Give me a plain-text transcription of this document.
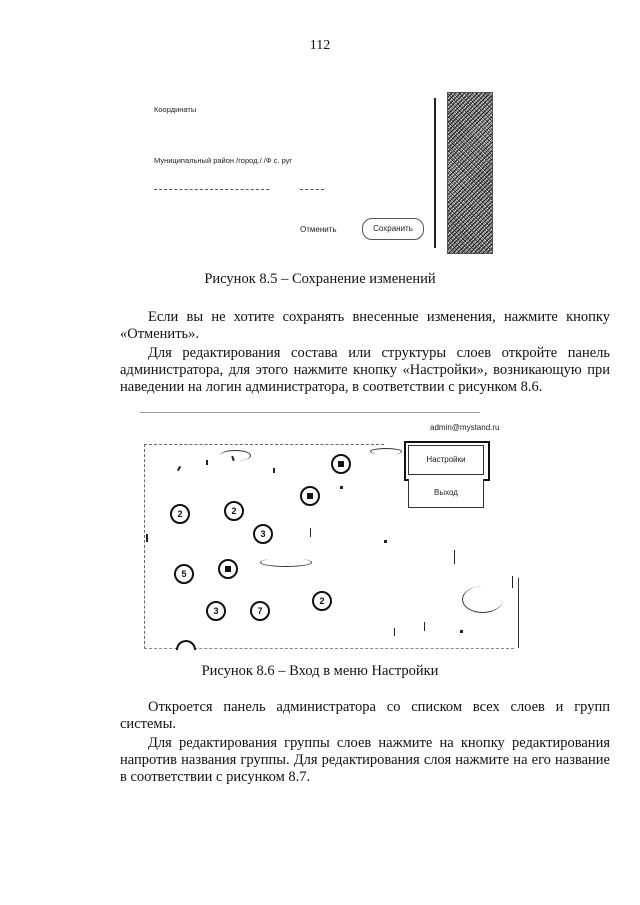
112
Координаты
Муниципальный район /город./ /Ф с. руг
Отменить	Сохранить
Рисунок 8.5 – Сохранение изменений
Если вы не хотите сохранять внесенные изменения, нажмите кнопку «Отменить».
Для редактирования состава или структуры слоев откройте панель администратора, для этого нажмите кнопку «Настройки», возникающую при наведении на логин администратора, в соответствии с рисунком 8.6.
admin@mystand.ru
Настройки
Выход
2	2
3
5
3	7
2
Рисунок 8.6 – Вход в меню Настройки
Откроется панель администратора со списком всех слоев и групп системы.
Для редактирования группы слоев нажмите на кнопку редактирования напротив названия группы. Для редактирования слоя нажмите на его название в соответствии с рисунком 8.7.
